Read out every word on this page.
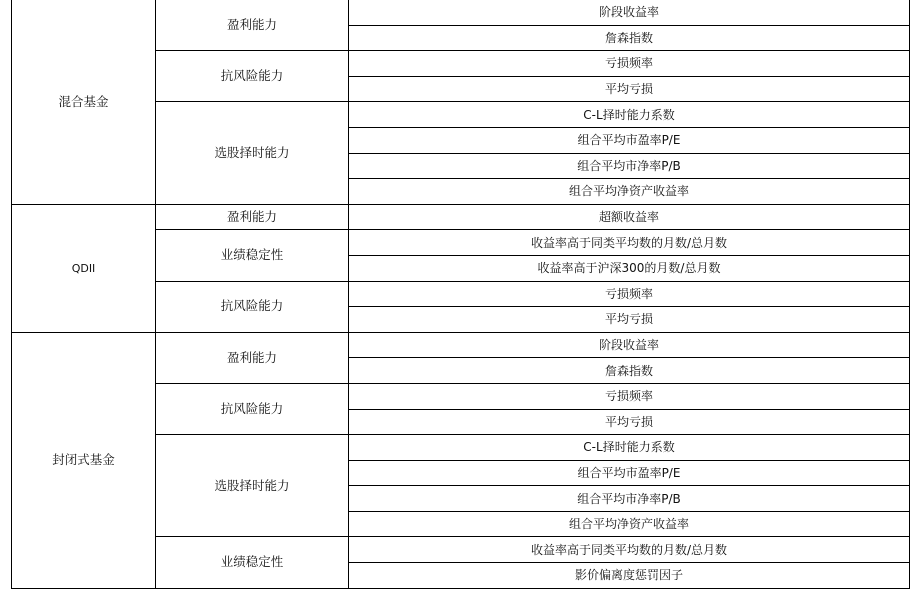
混合基金	盈利能力	阶段收益率
		詹森指数
	抗风险能力	亏损频率
		平均亏损
	选股择时能力	C-L择时能力系数
		组合平均市盈率P/E
		组合平均市净率P/B
		组合平均净资产收益率
QDII	盈利能力	超额收益率
	业绩稳定性	收益率高于同类平均数的月数/总月数
		收益率高于沪深300的月数/总月数
	抗风险能力	亏损频率
		平均亏损
封闭式基金	盈利能力	阶段收益率
		詹森指数
	抗风险能力	亏损频率
		平均亏损
	选股择时能力	C-L择时能力系数
		组合平均市盈率P/E
		组合平均市净率P/B
		组合平均净资产收益率
	业绩稳定性	收益率高于同类平均数的月数/总月数
		影价偏离度惩罚因子
